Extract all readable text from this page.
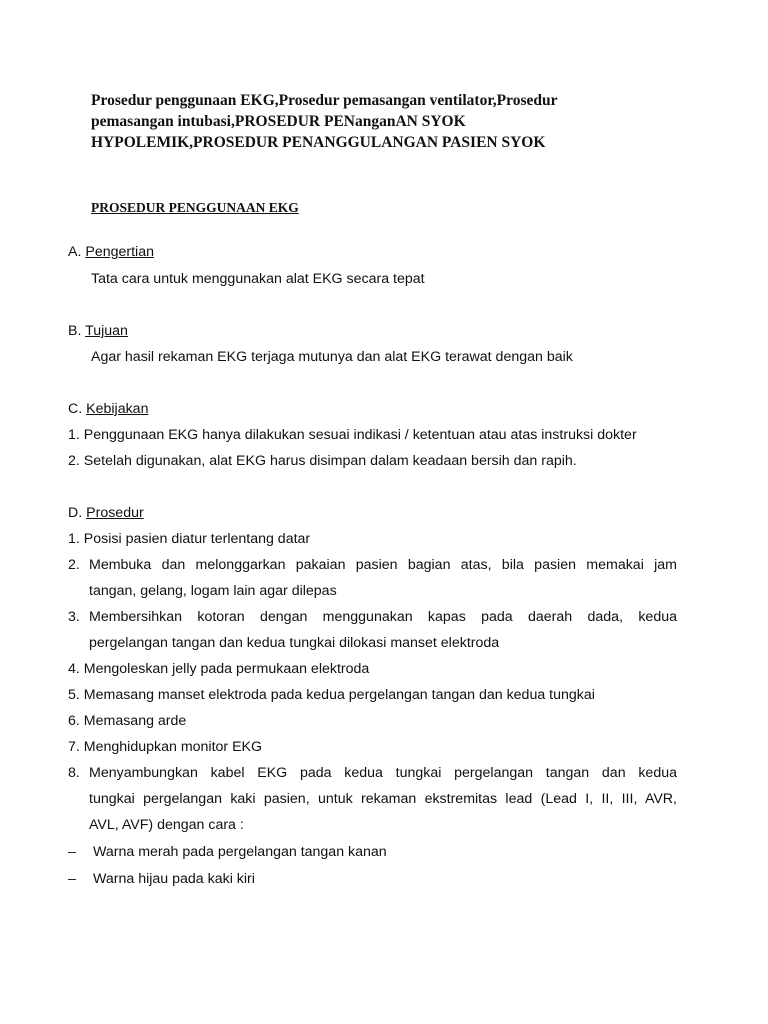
Prosedur penggunaan EKG,Prosedur pemasangan ventilator,Prosedur
pemasangan intubasi,PROSEDUR PENanganAN SYOK
HYPOLEMIK,PROSEDUR PENANGGULANGAN PASIEN SYOK
PROSEDUR PENGGUNAAN EKG
A. Pengertian
Tata cara untuk menggunakan alat EKG secara tepat
B. Tujuan
Agar hasil rekaman EKG terjaga mutunya dan alat EKG terawat dengan baik
C. Kebijakan
1. Penggunaan EKG hanya dilakukan sesuai indikasi / ketentuan atau atas instruksi dokter
2. Setelah digunakan, alat EKG harus disimpan dalam keadaan bersih dan rapih.
D. Prosedur
1. Posisi pasien diatur terlentang datar
2. Membuka dan melonggarkan pakaian pasien bagian atas, bila pasien memakai jam
tangan, gelang, logam lain agar dilepas
3. Membersihkan kotoran dengan menggunakan kapas pada daerah dada, kedua
pergelangan tangan dan kedua tungkai dilokasi manset elektroda
4. Mengoleskan jelly pada permukaan elektroda
5. Memasang manset elektroda pada kedua pergelangan tangan dan kedua tungkai
6. Memasang arde
7. Menghidupkan monitor EKG
8. Menyambungkan kabel EKG pada kedua tungkai pergelangan tangan dan kedua
tungkai pergelangan kaki pasien, untuk rekaman ekstremitas lead (Lead I, II, III, AVR,
AVL, AVF) dengan cara :
– Warna merah pada pergelangan tangan kanan
– Warna hijau pada kaki kiri
